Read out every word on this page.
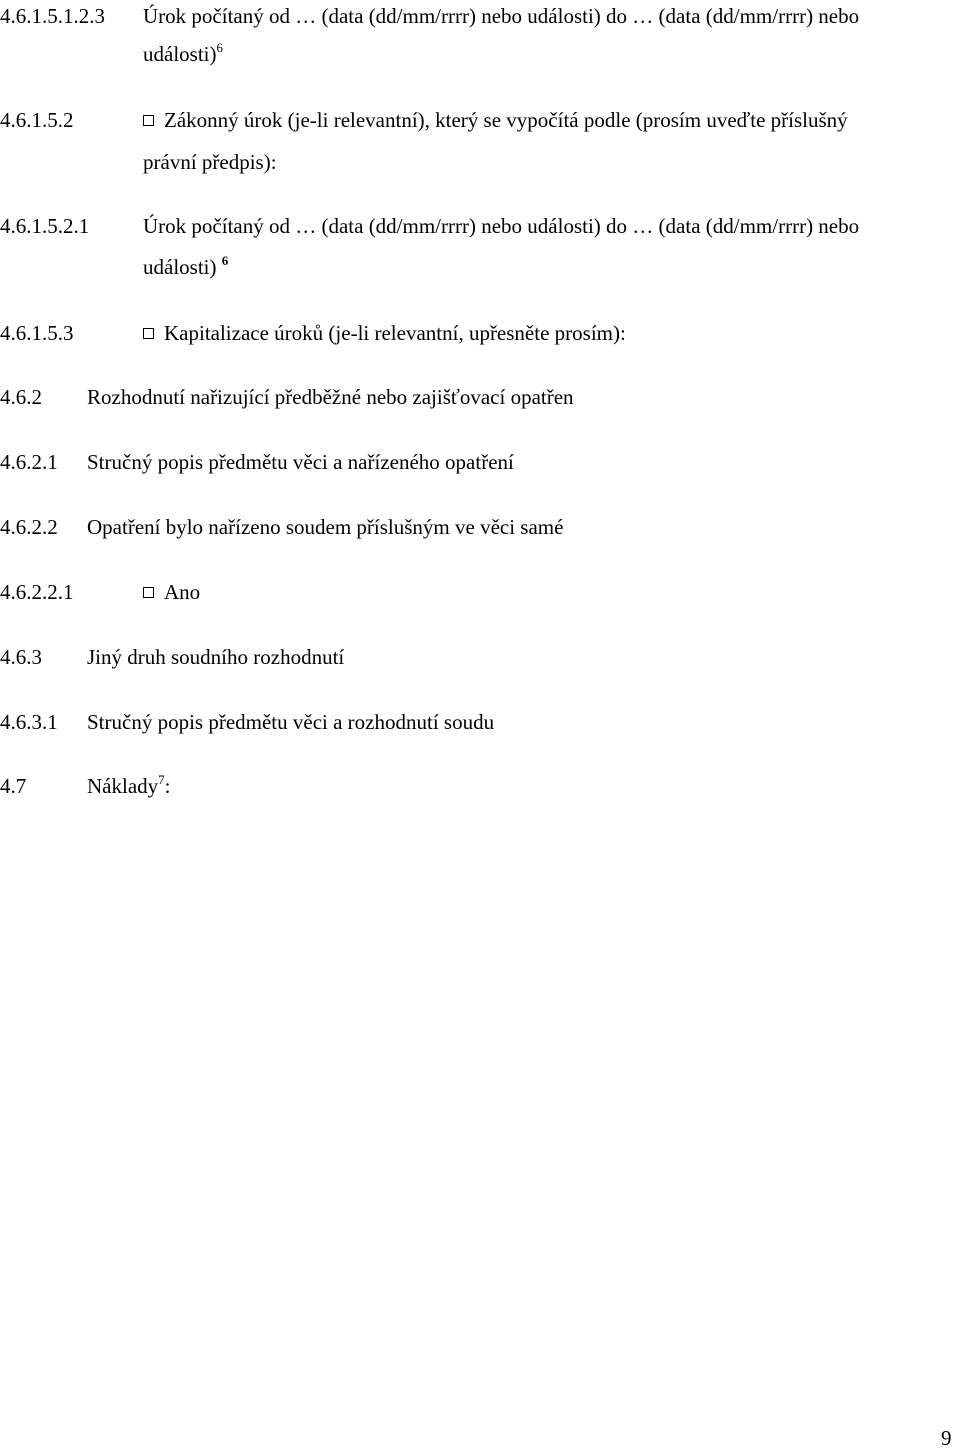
4.6.1.5.1.2.3 Úrok počítaný od … (data (dd/mm/rrrr) nebo události) do … (data (dd/mm/rrrr) nebo
události)$^6$
4.6.1.5.2	Zákonný úrok (je-li relevantní), který se vypočítá podle (prosím uveďte příslušný
právní předpis):
4.6.1.5.2.1	Úrok počítaný od … (data (dd/mm/rrrr) nebo události) do … (data (dd/mm/rrrr) nebo
události) $^6$
4.6.1.5.3	Kapitalizace úroků (je-li relevantní, upřesněte prosím):
4.6.2 Rozhodnutí nařizující předběžné nebo zajišťovací opatřen
4.6.2.1 Stručný popis předmětu věci a nařízeného opatření
4.6.2.2 Opatření bylo nařízeno soudem příslušným ve věci samé
4.6.2.2.1	Ano
4.6.3 Jiný druh soudního rozhodnutí
4.6.3.1 Stručný popis předmětu věci a rozhodnutí soudu
4.7	Náklady$^7$:
9
